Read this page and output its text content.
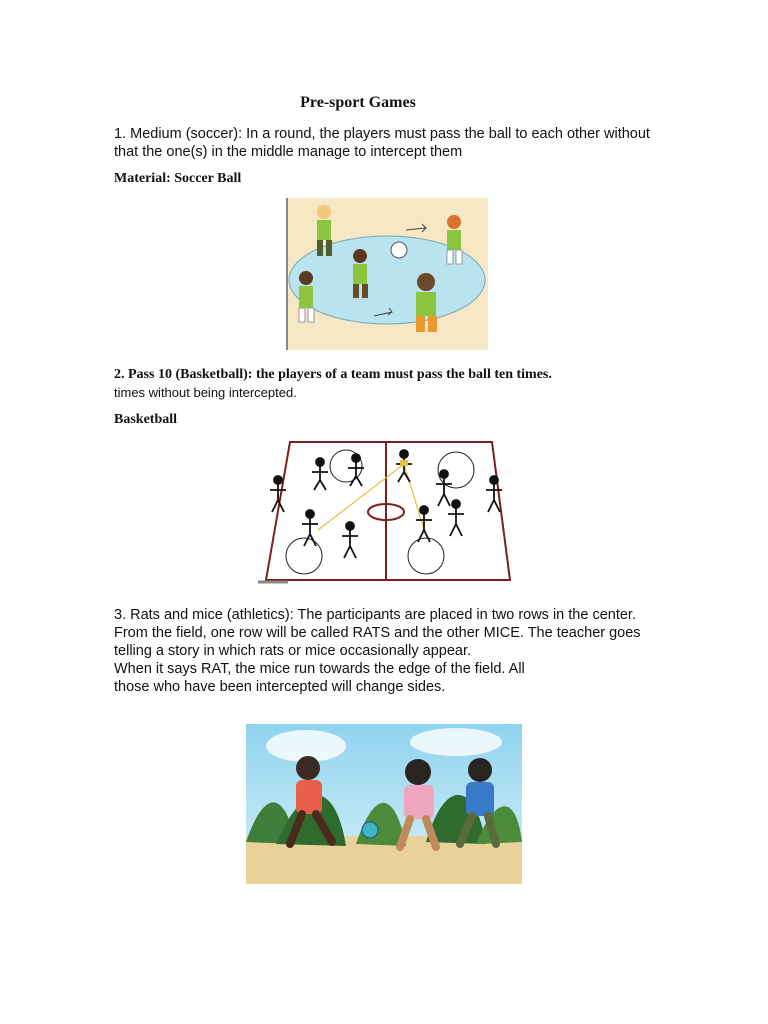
Pre-sport Games
1. Medium (soccer): In a round, the players must pass the ball to each other without
that the one(s) in the middle manage to intercept them
Material: Soccer Ball
2. Pass 10 (Basketball): the players of a team must pass the ball ten times.
times without being intercepted.
Basketball
3. Rats and mice (athletics): The participants are placed in two rows in the center.
From the field, one row will be called RATS and the other MICE. The teacher goes
telling a story in which rats or mice occasionally appear.
When it says RAT, the mice run towards the edge of the field. All
those who have been intercepted will change sides.
